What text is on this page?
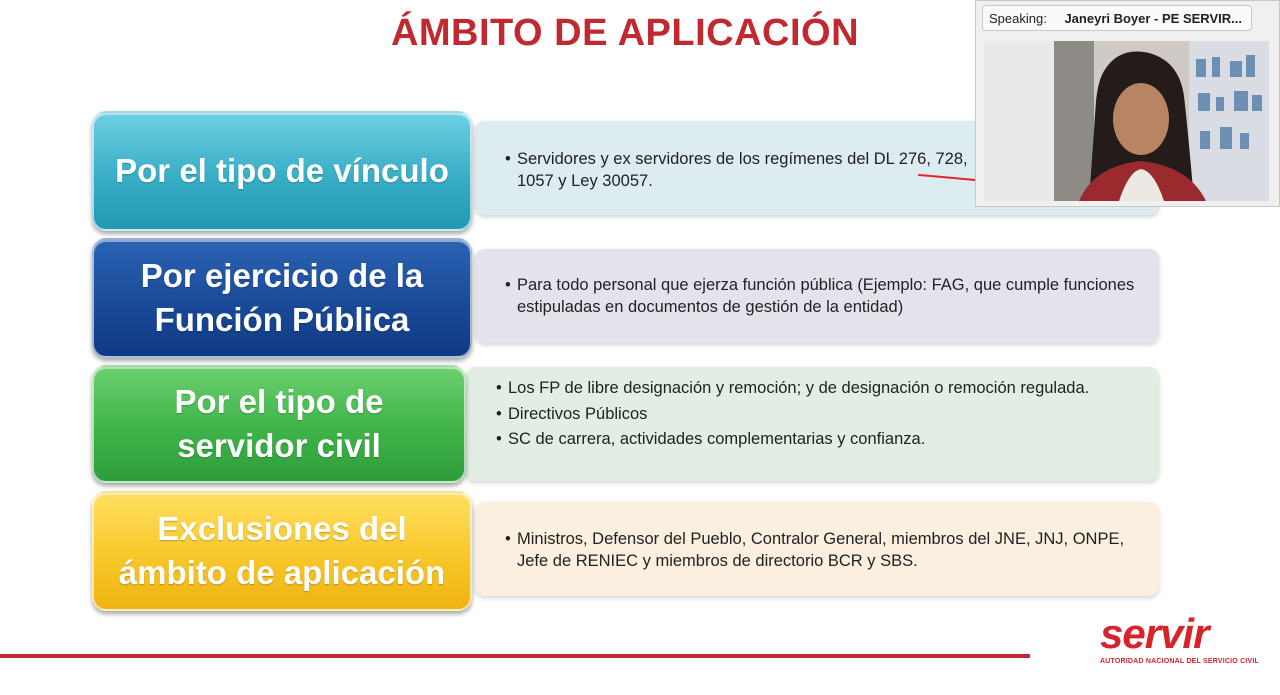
ÁMBITO DE APLICACIÓN
• Servidores y ex servidores de los regímenes del DL 276, 728, 1057 y Ley 30057.
Por el tipo de vínculo
• Para todo personal que ejerza función pública (Ejemplo: FAG, que cumple funciones estipuladas en documentos de gestión de la entidad)
Por ejercicio de la Función Pública
• Los FP de libre designación y remoción; y de designación o remoción regulada.
• Directivos Públicos
• SC de carrera, actividades complementarias y confianza.
Por el tipo de servidor civil
• Ministros, Defensor del Pueblo, Contralor General, miembros del JNE, JNJ, ONPE, Jefe de RENIEC y miembros de directorio BCR y SBS.
Exclusiones del ámbito de aplicación
servir
AUTORIDAD NACIONAL DEL SERVICIO CIVIL
Speaking: Janeyri Boyer - PE SERVIR...
